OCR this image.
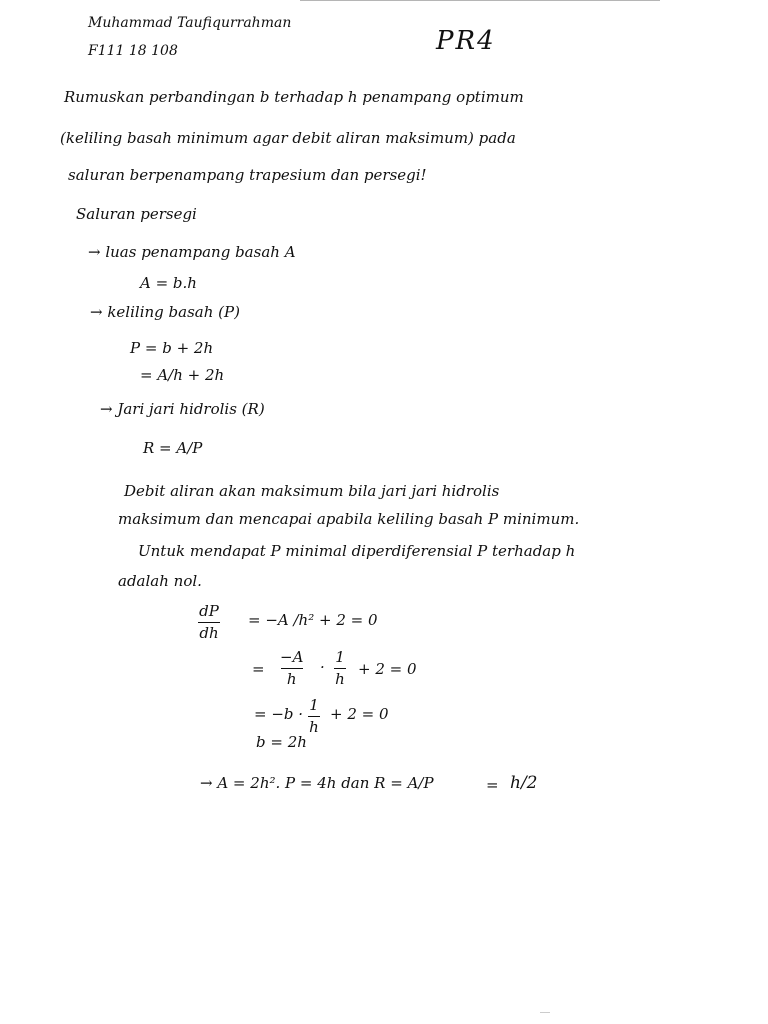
Muhammad Taufiqurrahman
F111 18 108	PR4
Rumuskan perbandingan b terhadap h penampang optimum
(keliling basah minimum agar debit aliran maksimum) pada
saluran berpenampang trapesium dan persegi!
Saluran persegi
→ luas penampang basah A
A = b.h
→ keliling basah (P)
P = b + 2h
= A/h + 2h
→ Jari jari hidrolis (R)
R = A/P
Debit aliran akan maksimum bila jari jari hidrolis
maksimum dan mencapai apabila keliling basah P minimum.
Untuk mendapat P minimal diperdiferensial P terhadap h
adalah nol.
dP
dh
= −A /h² + 2 = 0
=
−A
h
·
1
h
+ 2 = 0
= −b · 1
h
+ 2 = 0
b = 2h
→ A = 2h². P = 4h dan R = A/P	= h/2
